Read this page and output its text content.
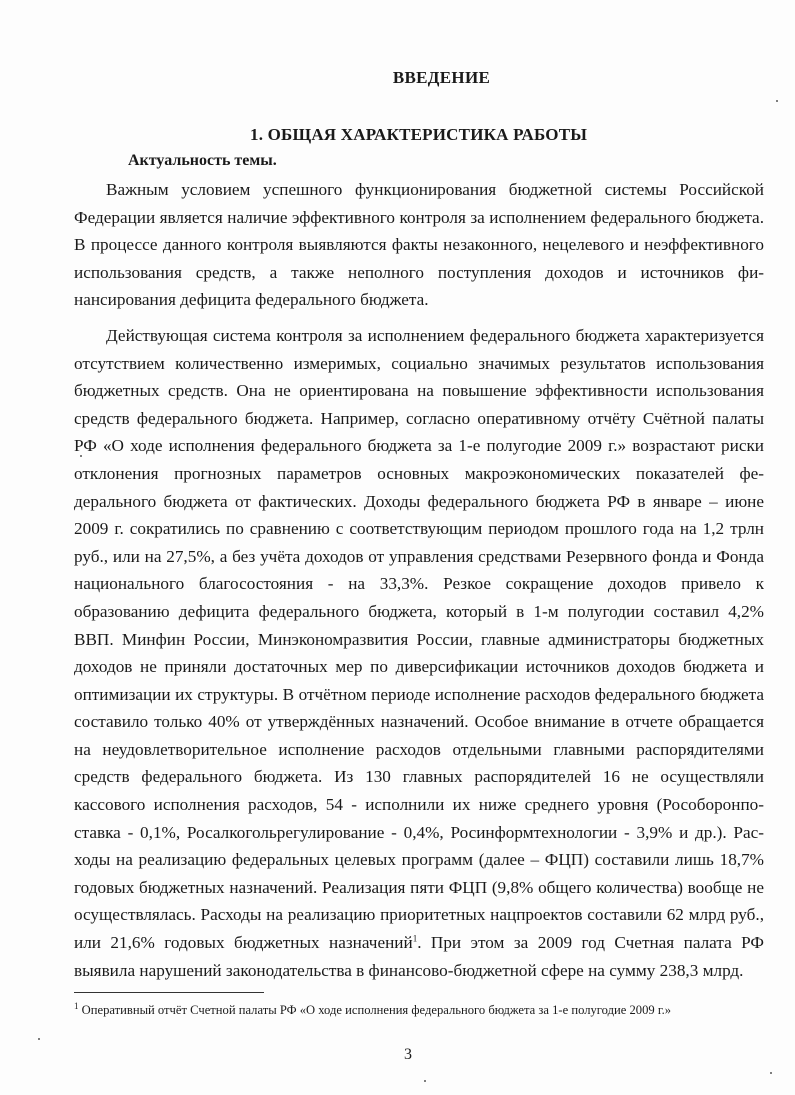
ВВЕДЕНИЕ
1. ОБЩАЯ ХАРАКТЕРИСТИКА РАБОТЫ
Актуальность темы.

Важным условием успешного функционирования бюджетной системы Российской Федерации является наличие эффективного контроля за исполнением федерального бюджета. В процессе данного контроля выявляются факты незаконного, нецелевого и неэффективного использования средств, а также неполного поступления доходов и источников финансирования дефицита федерального бюджета.

Действующая система контроля за исполнением федерального бюджета характеризуется отсутствием количественно измеримых, социально значимых результатов использования бюджетных средств. Она не ориентирована на повышение эффективности использования средств федерального бюджета. Например, согласно оперативному отчёту Счётной палаты РФ «О ходе исполнения федерального бюджета за 1-е полугодие 2009 г.» возрастают риски отклонения прогнозных параметров основных макроэкономических показателей федерального бюджета от фактических. Доходы федерального бюджета РФ в январе – июне 2009 г. сократились по сравнению с соответствующим периодом прошлого года на 1,2 трлн руб., или на 27,5%, а без учёта доходов от управления средствами Резервного фонда и Фонда национального благосостояния - на 33,3%. Резкое сокращение доходов привело к образованию дефицита федерального бюджета, который в 1-м полугодии составил 4,2% ВВП. Минфин России, Минэкономразвития России, главные администраторы бюджетных доходов не приняли достаточных мер по диверсификации источников доходов бюджета и оптимизации их структуры. В отчётном периоде исполнение расходов федерального бюджета составило только 40% от утверждённых назначений. Особое внимание в отчете обращается на неудовлетворительное исполнение расходов отдельными главными распорядителями средств федерального бюджета. Из 130 главных распорядителей 16 не осуществляли кассового исполнения расходов, 54 - исполнили их ниже среднего уровня (Рособоронпоставка - 0,1%, Росалкогольрегулирование - 0,4%, Росинформтехнологии - 3,9% и др.). Расходы на реализацию федеральных целевых программ (далее – ФЦП) составили лишь 18,7% годовых бюджетных назначений. Реализация пяти ФЦП (9,8% общего количества) вообще не осуществлялась. Расходы на реализацию приоритетных нацпроектов составили 62 млрд руб., или 21,6% годовых бюджетных назначений$^1$. При этом за 2009 год Счетная палата РФ выявила нарушений законодательства в финансово-бюджетной сфере на сумму 238,3 млрд.

$^1$ Оперативный отчёт Счетной палаты РФ «О ходе исполнения федерального бюджета за 1-е полугодие 2009 г.»
3
